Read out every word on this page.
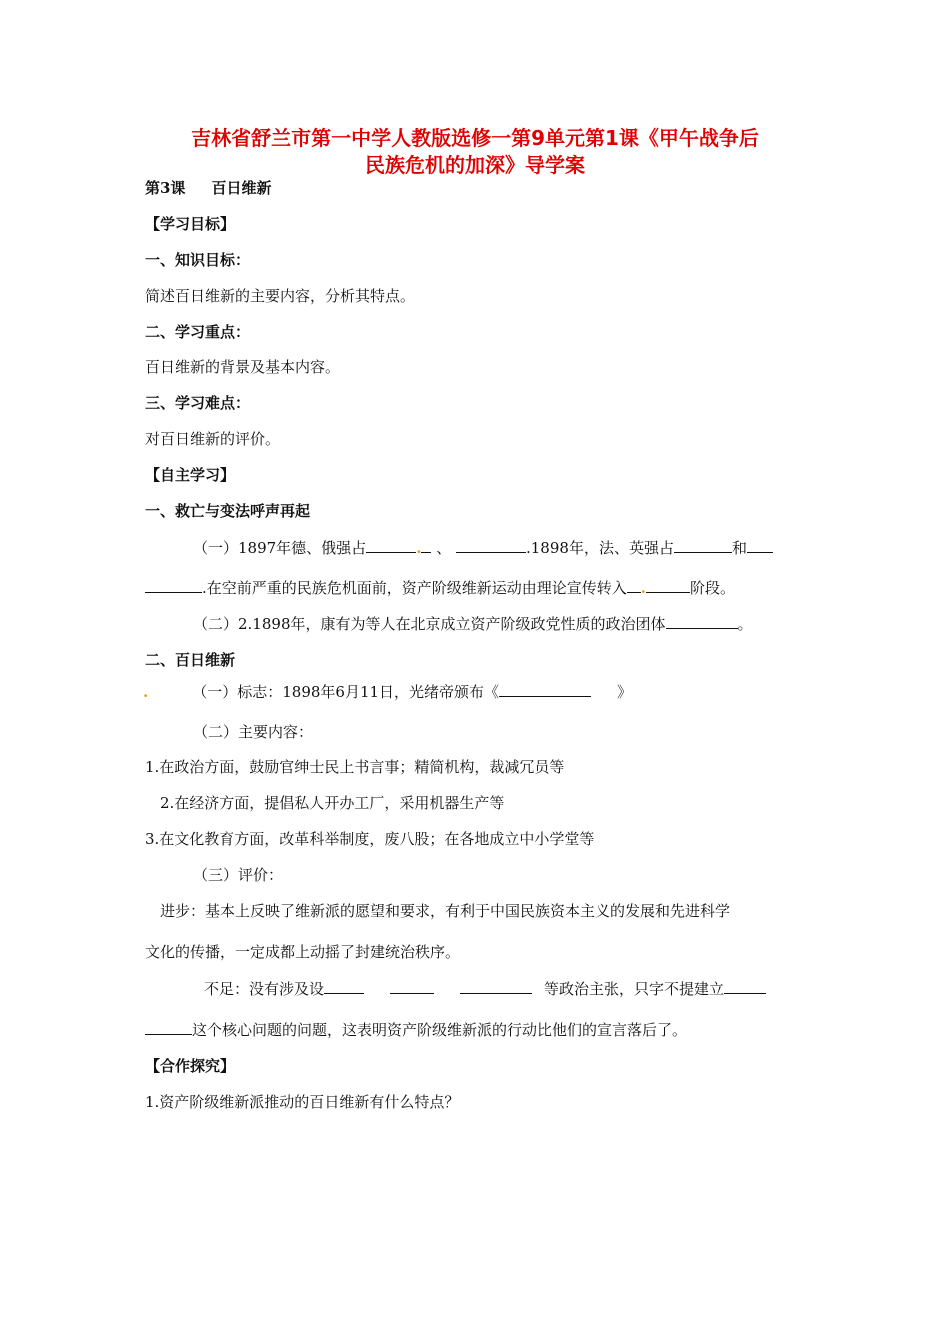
吉林省舒兰市第一中学人教版选修一第9单元第1课《甲午战争后
民族危机的加深》导学案
第3课 百日维新
【学习目标】
一、知识目标：
简述百日维新的主要内容，分析其特点。
二、学习重点：
百日维新的背景及基本内容。
三、学习难点：
对百日维新的评价。
【自主学习】
一、救亡与变法呼声再起
（一）1897年德、俄强占	. 、	.1898年，法、英强占	和
.在空前严重的民族危机面前，资产阶级维新运动由理论宣传转入 .	阶段。
（二）2.1898年，康有为等人在北京成立资产阶级政党性质的政治团体	。
二、百日维新
.	（一）标志：1898年6月11日，光绪帝颁布《	》
（二）主要内容：
1.在政治方面，鼓励官绅士民上书言事；精简机构，裁减冗员等
2.在经济方面，提倡私人开办工厂，采用机器生产等
3.在文化教育方面，改革科举制度，废八股；在各地成立中小学堂等
（三）评价：
进步：基本上反映了维新派的愿望和要求，有利于中国民族资本主义的发展和先进科学
文化的传播，一定成都上动摇了封建统治秩序。
不足：没有涉及设	等政治主张，只字不提建立
这个核心问题的问题，这表明资产阶级维新派的行动比他们的宣言落后了。
【合作探究】
1.资产阶级维新派推动的百日维新有什么特点？
